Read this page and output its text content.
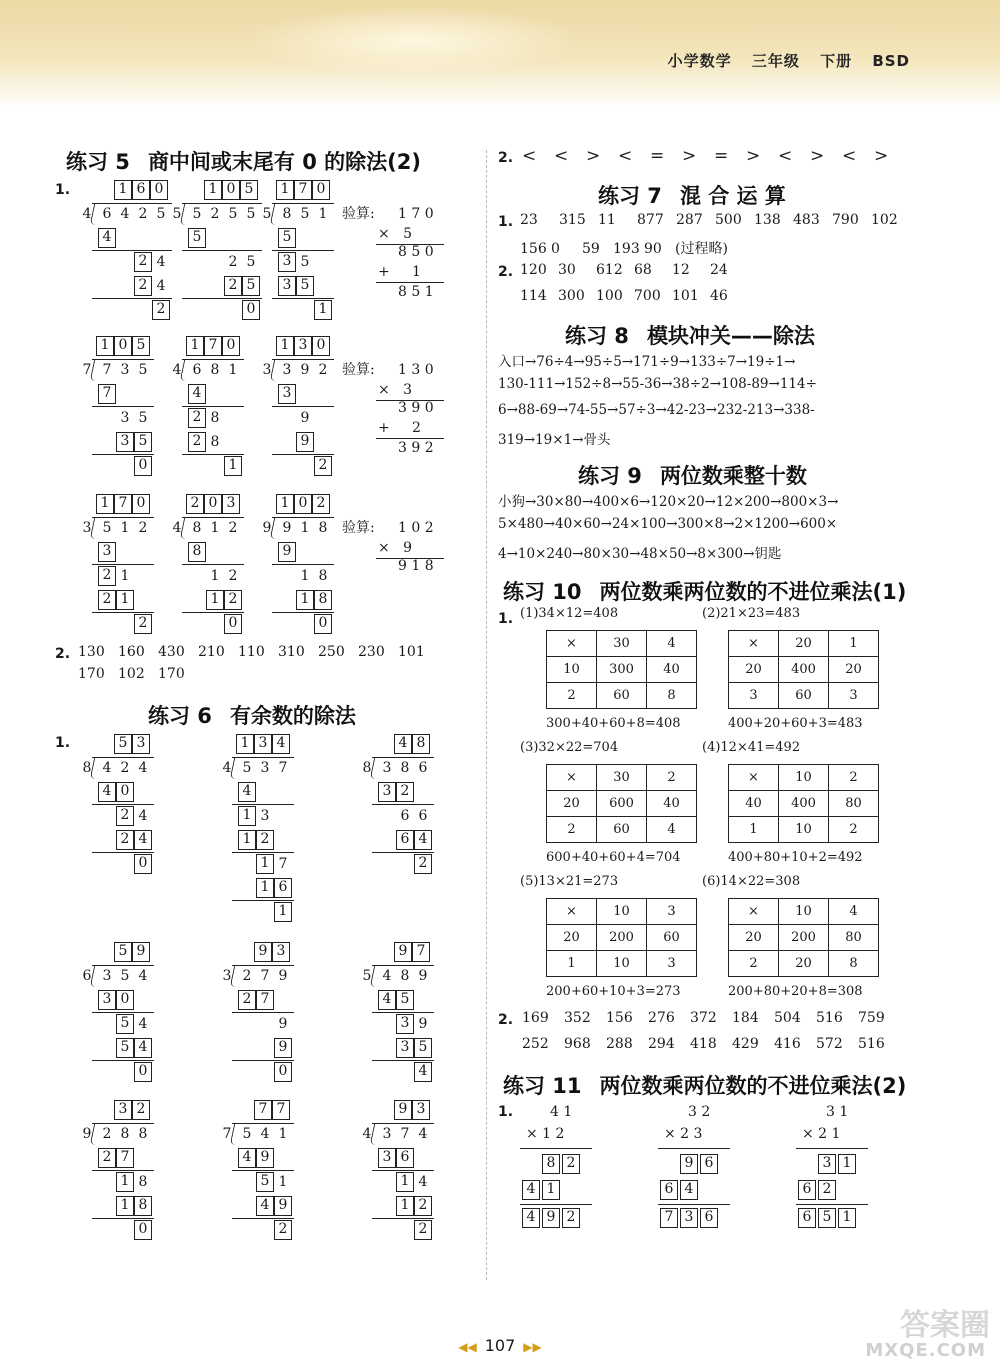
小学数学 三年级 下册 BSD
练习 5 商中间或末尾有 0 的除法(2)
1.	1 6 0
4 6 4 2 5
4
2 4
2 4
2
1 0 5
5 5 2 5 5
5
2 5
2 5
0
1 7 0
5 8 5 1
5
3 5
3 5
1
验算: 1 7 0
×   5
8 5 0
+     1
8 5 1
1 0 5
7 7 3 5
7
3 5
3 5
0
1 7 0
4 6 8 1
4
2 8
2 8
1
1 3 0
3 3 9 2
3
9
9
2
验算: 1 3 0
×   3
3 9 0
+     2
3 9 2
1 7 0
3 5 1 2
3
2 1
2 1
2
2 0 3
4 8 1 2
8
1 2
1 2
0
1 0 2
9 9 1 8
9
1 8
1 8
0
验算: 1 0 2
×   9
9 1 8
2. 130 160 430 210 110 310 250 230 101
170 102 170
练习 6 有余数的除法
1.	5 3
8 4 2 4
4 0
2 4
2 4
0
1 3 4
4 5 3 7
4
1 3
1 2
1 7
1 6
1
4 8
8 3 8 6
3 2
6 6
6 4
2
5 9
6 3 5 4
3 0
5 4
5 4
0
9 3
3 2 7 9
2 7
9
9
0
9 7
5 4 8 9
4 5
3 9
3 5
4
3 2
9 2 8 8
2 7
1 8
1 8
0
7 7
7 5 4 1
4 9
5 1
4 9
2
9 3
4 3 7 4
3 6
1 4
1 2
2
2. < < > < = > = > < > < >
练习 7 混 合 运 算
1. 23 315 11 877 287 500 138 483 790 102
156 0 59 193 90 (过程略)
2. 120 30 612 68 12 24
114 300 100 700 101 46
练习 8 模块冲关——除法
入口→76÷4→95÷5→171÷9→133÷7→19÷1→
130-111→152÷8→55-36→38÷2→108-89→114÷
6→88-69→74-55→57÷3→42-23→232-213→338-
319→19×1→骨头
练习 9 两位数乘整十数
小狗→30×80→400×6→120×20→12×200→800×3→
5×480→40×60→24×100→300×8→2×1200→600×
4→10×240→80×30→48×50→8×300→钥匙
练习 10 两位数乘两位数的不进位乘法(1)
1. (1)34×12=408
×	30	4
10	300	40
2	60	8
300+40+60+8=408
(2)21×23=483
×	20	1
20	400	20
3	60	3
400+20+60+3=483
(3)32×22=704
×	30	2
20	600	40
2	60	4
600+40+60+4=704
(4)12×41=492
×	10	2
40	400	80
1	10	2
400+80+10+2=492
(5)13×21=273
×	10	3
20	200	60
1	10	3
200+60+10+3=273
(6)14×22=308
×	10	4
20	200	80
2	20	8
200+80+20+8=308
2. 169 352 156 276 372 184 504 516 759
252 968 288 294 418 429 416 572 516
练习 11 两位数乘两位数的不进位乘法(2)
1.	4 1
× 1 2
8 2
4 1
4 9 2
3 2
× 2 3
9 6
6 4
7 3 6
3 1
× 2 1
3 1
6 2
6 5 1
◀◀ 107 ▶▶
答案圈
MXQE.COM
